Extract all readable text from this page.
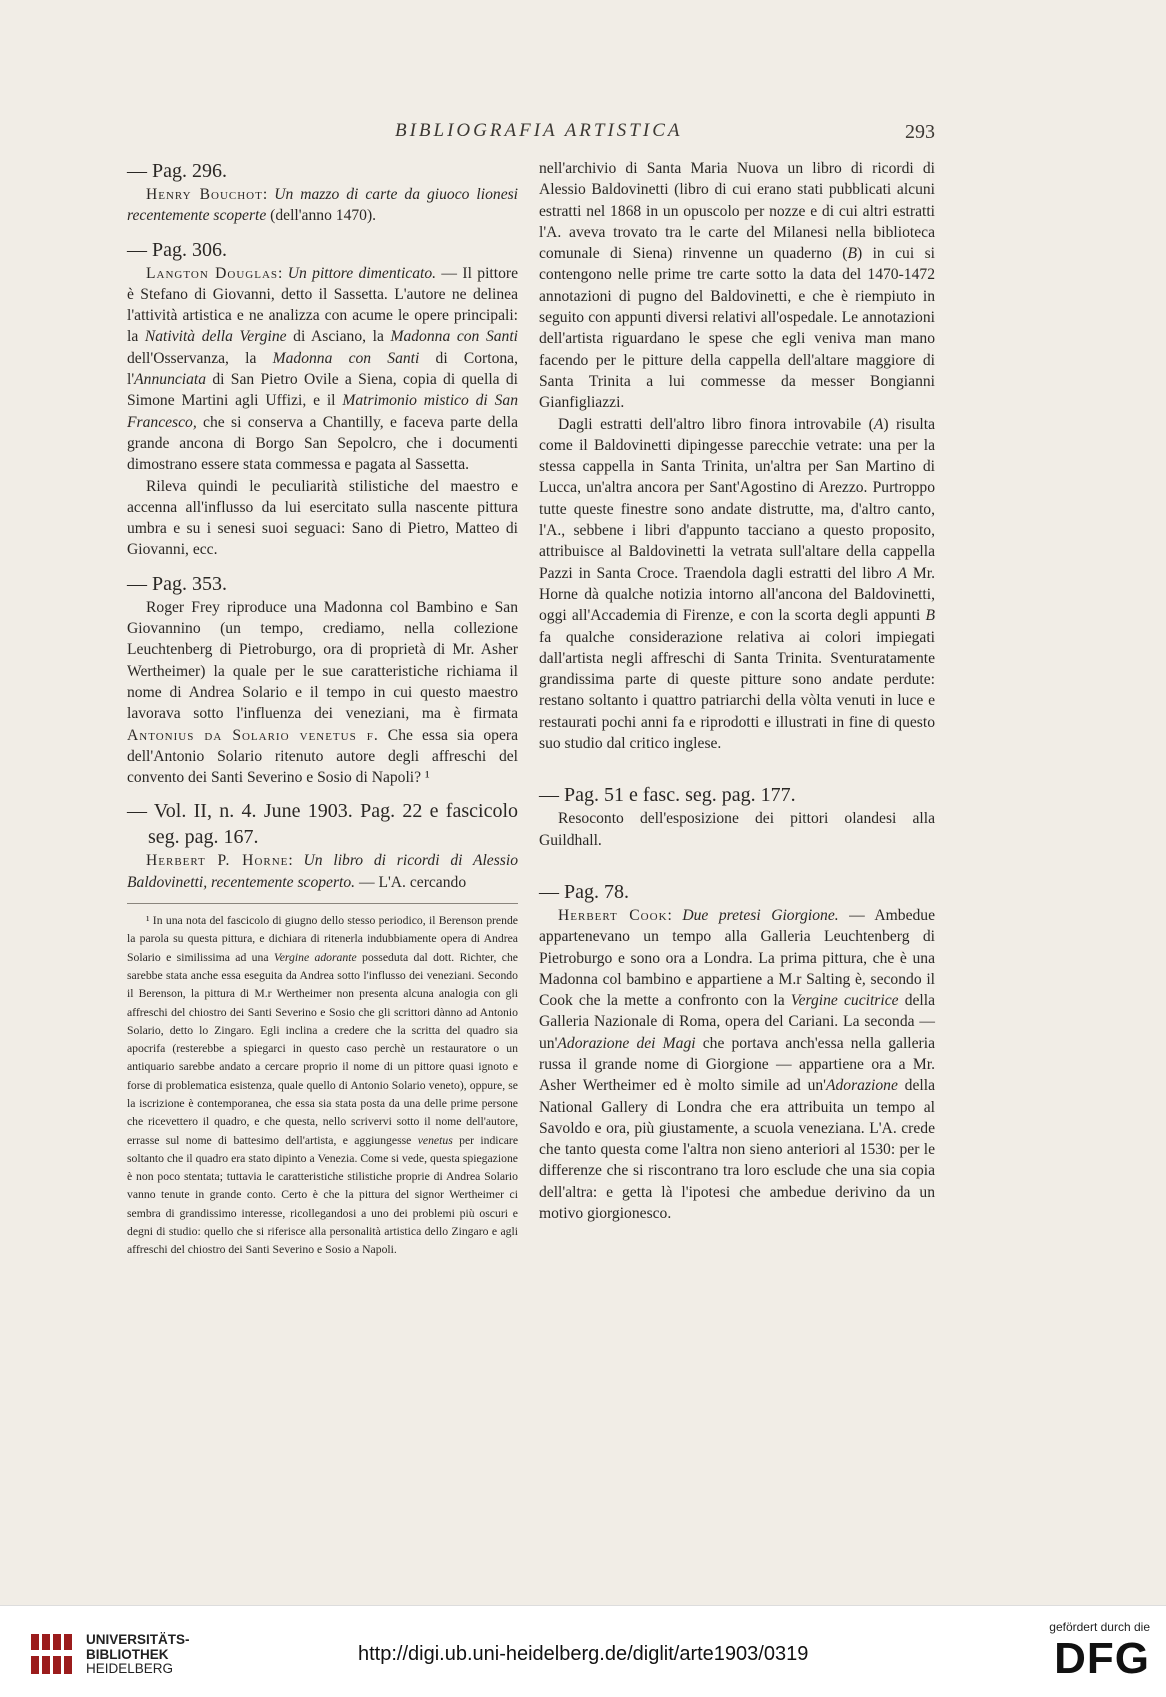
BIBLIOGRAFIA ARTISTICA	293

— Pag. 296.

Henry Bouchot: Un mazzo di carte da giuoco lionesi recentemente scoperte (dell'anno 1470).

— Pag. 306.

Langton Douglas: Un pittore dimenticato. — Il pittore è Stefano di Giovanni, detto il Sassetta. L'autore ne delinea l'attività artistica e ne analizza con acume le opere principali: la Natività della Vergine di Asciano, la Madonna con Santi dell'Osservanza, la Madonna con Santi di Cortona, l'Annunciata di San Pietro Ovile a Siena, copia di quella di Simone Martini agli Uffizi, e il Matrimonio mistico di San Francesco, che si conserva a Chantilly, e faceva parte della grande ancona di Borgo San Sepolcro, che i documenti dimostrano essere stata commessa e pagata al Sassetta.

Rileva quindi le peculiarità stilistiche del maestro e accenna all'influsso da lui esercitato sulla nascente pittura umbra e su i senesi suoi seguaci: Sano di Pietro, Matteo di Giovanni, ecc.

— Pag. 353.

Roger Frey riproduce una Madonna col Bambino e San Giovannino (un tempo, crediamo, nella collezione Leuchtenberg di Pietroburgo, ora di proprietà di Mr. Asher Wertheimer) la quale per le sue caratteristiche richiama il nome di Andrea Solario e il tempo in cui questo maestro lavorava sotto l'influenza dei veneziani, ma è firmata Antonius da Solario venetus f. Che essa sia opera dell'Antonio Solario ritenuto autore degli affreschi del convento dei Santi Severino e Sosio di Napoli? ¹

— Vol. II, n. 4. June 1903. Pag. 22 e fascicolo seg. pag. 167.

Herbert P. Horne: Un libro di ricordi di Alessio Baldovinetti, recentemente scoperto. — L'A. cercando

¹ In una nota del fascicolo di giugno dello stesso periodico, il Berenson prende la parola su questa pittura, e dichiara di ritenerla indubbiamente opera di Andrea Solario e similissima ad una Vergine adorante posseduta dal dott. Richter, che sarebbe stata anche essa eseguita da Andrea sotto l'influsso dei veneziani. Secondo il Berenson, la pittura di M.r Wertheimer non presenta alcuna analogia con gli affreschi del chiostro dei Santi Severino e Sosio che gli scrittori dànno ad Antonio Solario, detto lo Zingaro. Egli inclina a credere che la scritta del quadro sia apocrifa (resterebbe a spiegarci in questo caso perchè un restauratore o un antiquario sarebbe andato a cercare proprio il nome di un pittore quasi ignoto e forse di problematica esistenza, quale quello di Antonio Solario veneto), oppure, se la iscrizione è contemporanea, che essa sia stata posta da una delle prime persone che ricevettero il quadro, e che questa, nello scrivervi sotto il nome dell'autore, errasse sul nome di battesimo dell'artista, e aggiungesse venetus per indicare soltanto che il quadro era stato dipinto a Venezia. Come si vede, questa spiegazione è non poco stentata; tuttavia le caratteristiche stilistiche proprie di Andrea Solario vanno tenute in grande conto. Certo è che la pittura del signor Wertheimer ci sembra di grandissimo interesse, ricollegandosi a uno dei problemi più oscuri e degni di studio: quello che si riferisce alla personalità artistica dello Zingaro e agli affreschi del chiostro dei Santi Severino e Sosio a Napoli.

nell'archivio di Santa Maria Nuova un libro di ricordi di Alessio Baldovinetti (libro di cui erano stati pubblicati alcuni estratti nel 1868 in un opuscolo per nozze e di cui altri estratti l'A. aveva trovato tra le carte del Milanesi nella biblioteca comunale di Siena) rinvenne un quaderno (B) in cui si contengono nelle prime tre carte sotto la data del 1470-1472 annotazioni di pugno del Baldovinetti, e che è riempiuto in seguito con appunti diversi relativi all'ospedale. Le annotazioni dell'artista riguardano le spese che egli veniva man mano facendo per le pitture della cappella dell'altare maggiore di Santa Trinita a lui commesse da messer Bongianni Gianfigliazzi.

Dagli estratti dell'altro libro finora introvabile (A) risulta come il Baldovinetti dipingesse parecchie vetrate: una per la stessa cappella in Santa Trinita, un'altra per San Martino di Lucca, un'altra ancora per Sant'Agostino di Arezzo. Purtroppo tutte queste finestre sono andate distrutte, ma, d'altro canto, l'A., sebbene i libri d'appunto tacciano a questo proposito, attribuisce al Baldovinetti la vetrata sull'altare della cappella Pazzi in Santa Croce. Traendola dagli estratti del libro A Mr. Horne dà qualche notizia intorno all'ancona del Baldovinetti, oggi all'Accademia di Firenze, e con la scorta degli appunti B fa qualche considerazione relativa ai colori impiegati dall'artista negli affreschi di Santa Trinita. Sventuratamente grandissima parte di queste pitture sono andate perdute: restano soltanto i quattro patriarchi della vòlta venuti in luce e restaurati pochi anni fa e riprodotti e illustrati in fine di questo suo studio dal critico inglese.

— Pag. 51 e fasc. seg. pag. 177.

Resoconto dell'esposizione dei pittori olandesi alla Guildhall.

— Pag. 78.

Herbert Cook: Due pretesi Giorgione. — Ambedue appartenevano un tempo alla Galleria Leuchtenberg di Pietroburgo e sono ora a Londra. La prima pittura, che è una Madonna col bambino e appartiene a M.r Salting è, secondo il Cook che la mette a confronto con la Vergine cucitrice della Galleria Nazionale di Roma, opera del Cariani. La seconda — un'Adorazione dei Magi che portava anch'essa nella galleria russa il grande nome di Giorgione — appartiene ora a Mr. Asher Wertheimer ed è molto simile ad un'Adorazione della National Gallery di Londra che era attribuita un tempo al Savoldo e ora, più giustamente, a scuola veneziana. L'A. crede che tanto questa come l'altra non sieno anteriori al 1530: per le differenze che si riscontrano tra loro esclude che una sia copia dell'altra: e getta là l'ipotesi che ambedue derivino da un motivo giorgionesco.

UNIVERSITÄTS-
BIBLIOTHEK
HEIDELBERG
http://digi.ub.uni-heidelberg.de/diglit/arte1903/0319
gefördert durch die
DFG
